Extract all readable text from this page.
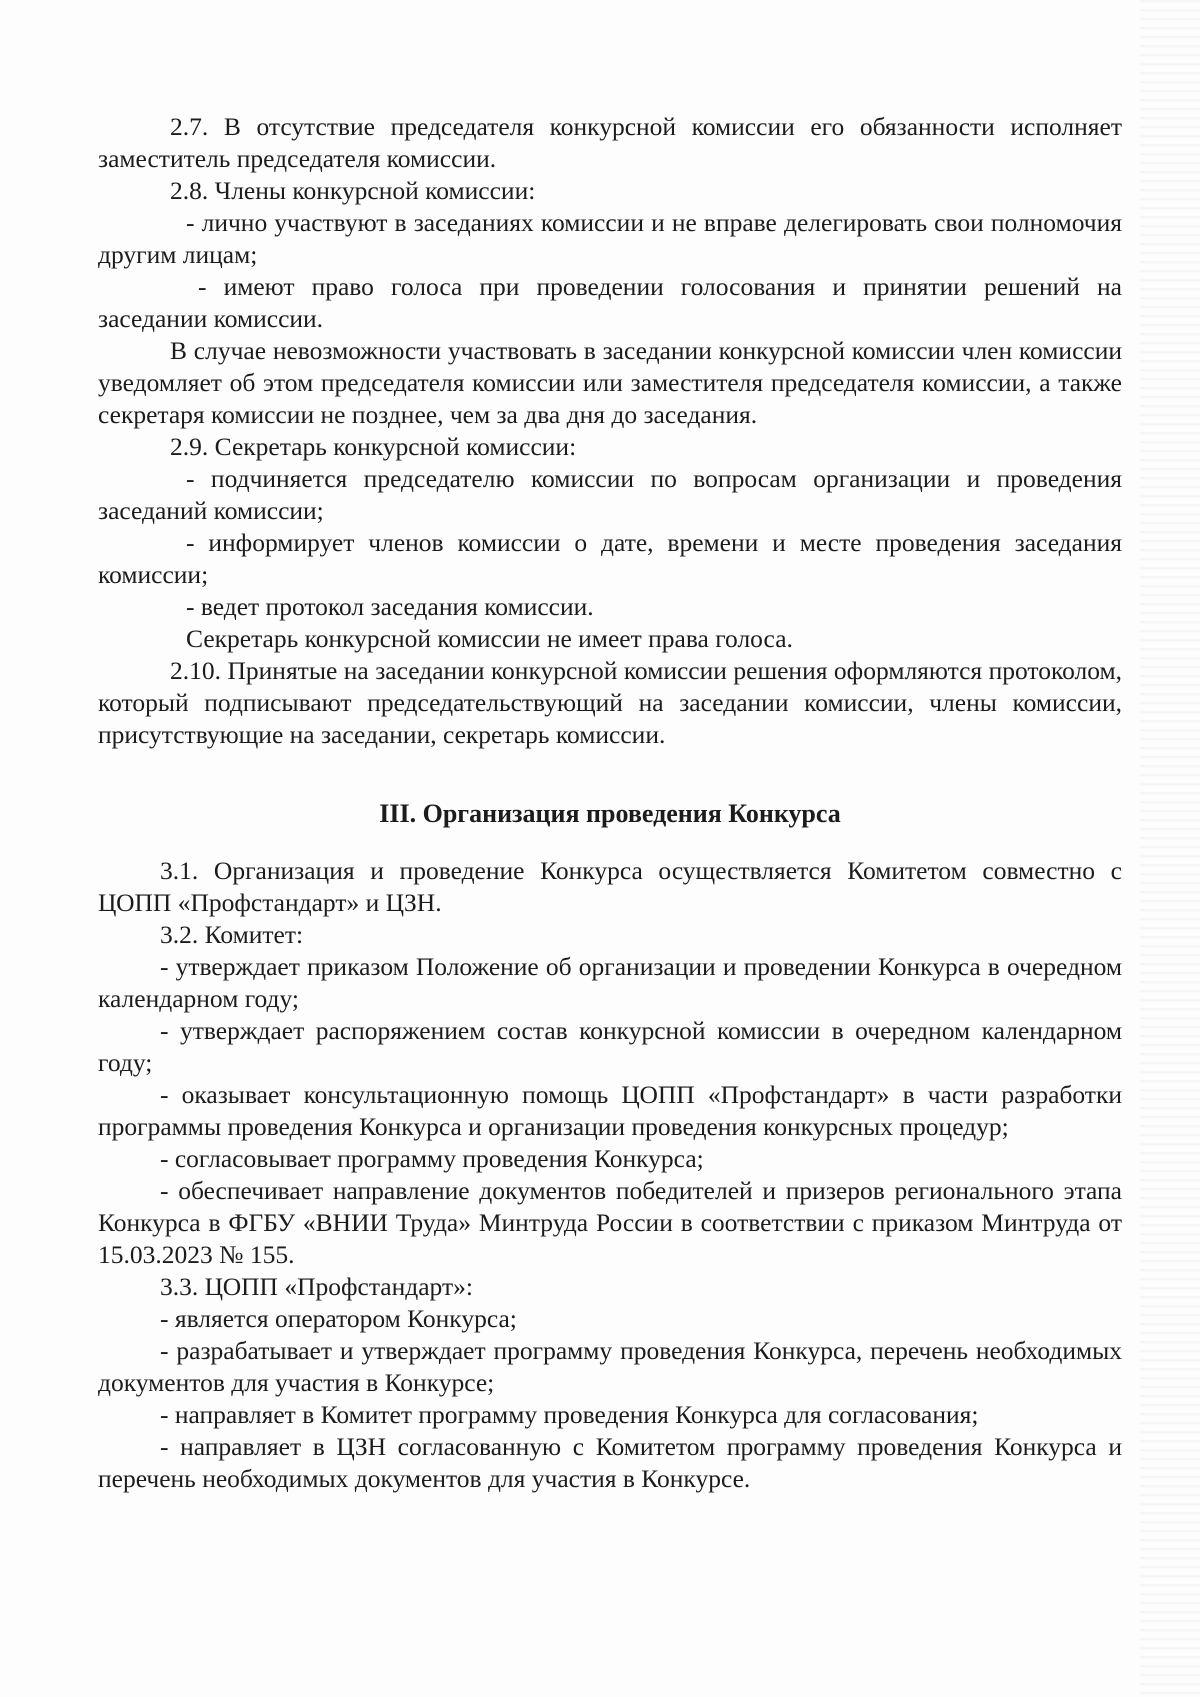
2.7. В отсутствие председателя конкурсной комиссии его обязанности исполняет заместитель председателя комиссии.

2.8. Члены конкурсной комиссии:

- лично участвуют в заседаниях комиссии и не вправе делегировать свои полномочия другим лицам;

- имеют право голоса при проведении голосования и принятии решений на заседании комиссии.

В случае невозможности участвовать в заседании конкурсной комиссии член комиссии уведомляет об этом председателя комиссии или заместителя председателя комиссии, а также секретаря комиссии не позднее, чем за два дня до заседания.

2.9. Секретарь конкурсной комиссии:

- подчиняется председателю комиссии по вопросам организации и проведения заседаний комиссии;

- информирует членов комиссии о дате, времени и месте проведения заседания комиссии;

- ведет протокол заседания комиссии.

Секретарь конкурсной комиссии не имеет права голоса.

2.10. Принятые на заседании конкурсной комиссии решения оформляются протоколом, который подписывают председательствующий на заседании комиссии, члены комиссии, присутствующие на заседании, секретарь комиссии.

III. Организация проведения Конкурса

3.1. Организация и проведение Конкурса осуществляется Комитетом совместно с ЦОПП «Профстандарт» и ЦЗН.

3.2. Комитет:

- утверждает приказом Положение об организации и проведении Конкурса в очередном календарном году;

- утверждает распоряжением состав конкурсной комиссии в очередном календарном году;

- оказывает консультационную помощь ЦОПП «Профстандарт» в части разработки программы проведения Конкурса и организации проведения конкурсных процедур;

- согласовывает программу проведения Конкурса;

- обеспечивает направление документов победителей и призеров регионального этапа Конкурса в ФГБУ «ВНИИ Труда» Минтруда России в соответствии с приказом Минтруда от 15.03.2023 № 155.

3.3. ЦОПП «Профстандарт»:

- является оператором Конкурса;

- разрабатывает и утверждает программу проведения Конкурса, перечень необходимых документов для участия в Конкурсе;

- направляет в Комитет программу проведения Конкурса для согласования;

- направляет в ЦЗН согласованную с Комитетом программу проведения Конкурса и перечень необходимых документов для участия в Конкурсе.
